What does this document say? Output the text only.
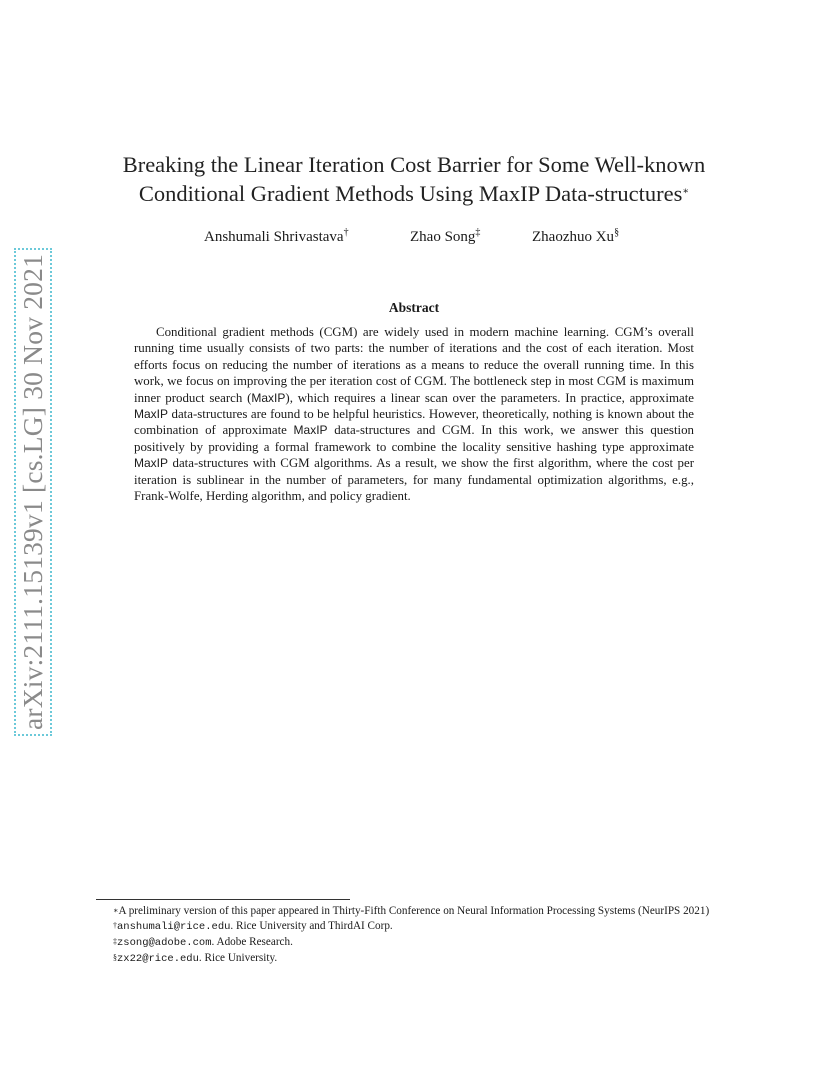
arXiv:2111.15139v1 [cs.LG] 30 Nov 2021
Breaking the Linear Iteration Cost Barrier for Some Well-known
Conditional Gradient Methods Using MaxIP Data-structures∗
Anshumali Shrivastava†	Zhao Song‡	Zhaozhuo Xu§
Abstract
Conditional gradient methods (CGM) are widely used in modern machine learning. CGM’s overall running time usually consists of two parts: the number of iterations and the cost of each iteration. Most efforts focus on reducing the number of iterations as a means to reduce the overall running time. In this work, we focus on improving the per iteration cost of CGM. The bottleneck step in most CGM is maximum inner product search (MaxIP), which requires a linear scan over the parameters. In practice, approximate MaxIP data-structures are found to be helpful heuristics. However, theoretically, nothing is known about the combination of approximate MaxIP data-structures and CGM. In this work, we answer this question positively by providing a formal framework to combine the locality sensitive hashing type approximate MaxIP data-structures with CGM algorithms. As a result, we show the first algorithm, where the cost per iteration is sublinear in the number of parameters, for many fundamental optimization algorithms, e.g., Frank-Wolfe, Herding algorithm, and policy gradient.

∗A preliminary version of this paper appeared in Thirty-Fifth Conference on Neural Information Processing Systems (NeurIPS 2021)

†anshumali@rice.edu. Rice University and ThirdAI Corp.

‡zsong@adobe.com. Adobe Research.

§zx22@rice.edu. Rice University.
